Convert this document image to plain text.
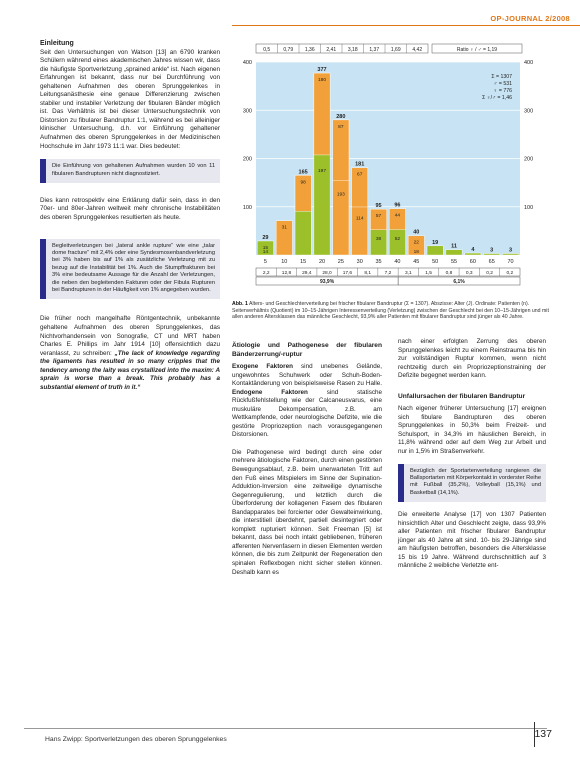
OP-JOURNAL 2/2008

Einleitung

Seit den Untersuchungen von Watson [13] an 6790 kranken Schülern während eines akademischen Jahres wissen wir, dass die häufigste Sportverletzung „sprained ankle“ ist. Nach eigenen Erfahrungen ist bekannt, dass nur bei Durchführung von gehaltenen Aufnahmen des oberen Sprunggelenkes in Leitungsanästhesie eine genaue Differenzierung zwischen stabiler und instabiler Verletzung der fibularen Bänder möglich ist. Das Verhältnis ist bei dieser Untersuchungstechnik von Distorsion zu fibularer Bandruptur 1:1, während es bei alleiniger klinischer Untersuchung, d.h. vor Einführung gehaltener Aufnahmen des oberen Sprunggelenkes in der Medizinischen Hochschule im Jahr 1973 11:1 war. Dies bedeutet:

Die Einführung von gehaltenen Aufnahmen wurden 10 von 11 fibularen Bandrupturen nicht diagnostiziert.

Dies kann retrospektiv eine Erklärung dafür sein, dass in den 70er- und 80er-Jahren weltweit mehr chronische Instabilitäten des oberen Sprunggelenkes resultierten als heute.

Begleitverletzungen bei „lateral ankle rupture“ wie eine „talar dome fracture“ mit 2,4% oder eine Syndesmosenbandverletzung bei 3% haben bis auf 1% als zusätzliche Verletzung mit zu bezug auf die Instabilität bei 1%. Auch die Stumpffrakturen bei 3% eine bedeutsame Aussage für die Anzahl der Verletzungen, die neben den begleitenden Fakturen oder der Fibula Rupturen bei Bandrupturen in der Häufigkeit von 1% angegeben wurden.

Die früher noch mangelhafte Röntgentechnik, unbekannte gehaltene Aufnahmen des oberen Sprunggelenkes, das Nichtvorhandensein von Sonografie, CT und MRT haben Charles E. Phillips im Jahr 1914 [10] offensichtlich dazu veranlasst, zu schreiben: „The lack of knowledge regarding the ligaments has resulted in so many cripples that the tendency among the laity was crystallized into the maxim: A sprain is worse than a break. This probably has a substantial element of truth in it.“

100	100
200	200
300	300
400	400
0,5	0,79 1,36 2,41 3,18 1,37 1,69 4,42	Ratio ♀ / ♂ = 1,19
29
165
377
280
181
95 96
40
19
11
4	3	3
15
14
31
98
180
197
87
193
67
114	57
38
44
52
22
18
Σ = 1307
♂ = 531
♀ = 776
Σ ♀/♂ = 1,46
5	10 15 20 25 30 35 40 45 50 55 60 65 70
2,2	12,8 29,4 28,0 17,6	8,1	7,2	3,1	1,5	0,8	0,3	0,2	0,2
93,9%	6,1%
Abb. 1 Alters- und Geschlechterverteilung bei frischer fibularer Bandruptur (Σ = 1307). Abszisse: Alter (J). Ordinate: Patienten (n). Seitenverhältnis (Quotient) im 10–15-Jährigen Interessenverteilung (Verletzung) zwischen der Geschlecht bei den 10–15-Jährigen und mit allen anderen Altersklassen das männliche Geschlecht, 93,9% aller Patienten mit fibularer Bandruptur sind jünger als 40 Jahre.

Ätiologie und Pathogenese der fibularen Bänderzerrung/-ruptur

Exogene Faktoren sind unebenes Gelände, ungewohntes Schuhwerk oder Schuh-Boden-Kontaktänderung von beispielsweise Rasen zu Halle. Endogene Faktoren sind statische Rückfußfehlstellung wie der Calcaneusvarus, eine muskuläre Dekompensation, z.B. am Wettkampfende, oder neurologische Defizite, wie die gestörte Propriozeption nach vorausgegangenen Distorsionen.

Die Pathogenese wird bedingt durch eine oder mehrere ätiologische Faktoren, durch einen gestörten Bewegungsablauf, z.B. beim unerwarteten Tritt auf den Fuß eines Mitspielers im Sinne der Supination-Adduktion-Inversion eine zeitweilige dynamische Gegenregulierung, und letztlich durch die Überforderung der kollagenen Fasern des fibularen Bandapparates bei forcierter oder Gewalteinwirkung, die interstitiell überdehnt, partiell desintegriert oder komplett rupturiert können. Seit Freeman [5] ist bekannt, dass bei noch intakt gebliebenen, früheren afferenten Nervenfasern in diesen Elementen werden können, die bis zum Zeitpunkt der Regeneration den spinalen Reflexbogen nicht sicher stellen können. Deshalb kann es

nach einer erfolgten Zerrung des oberen Sprunggelenkes leicht zu einem Reinstrauma bis hin zur vollständigen Ruptur kommen, wenn nicht rechtzeitig durch ein Propriozeptionstraining der Defizite begegnet werden kann.

Unfallursachen der fibularen Bandruptur

Nach eigener früherer Untersuchung [17] ereignen sich fibulare Bandrupturen des oberen Sprunggelenkes in 50,3% beim Freizeit- und Schulsport, in 34,3% im häuslichen Bereich, in 11,8% während oder auf dem Weg zur Arbeit und nur in 1,5% im Straßenverkehr.

Bezüglich der Sportartenverteilung rangieren die Ballsportarten mit Körperkontakt in vorderster Reihe mit Fußball (35,2%), Volleyball (15,1%) und Basketball (14,1%).

Die erweiterte Analyse [17] von 1307 Patienten hinsichtlich Alter und Geschlecht zeigte, dass 93,9% aller Patienten mit frischer fibularer Bandruptur jünger als 40 Jahre alt sind. 10- bis 29-Jährige sind am häufigsten betroffen, besonders die Altersklasse 15 bis 19 Jahre. Während durchschnittlich auf 3 männliche 2 weibliche Verletzte ent-

Hans Zwipp: Sportverletzungen des oberen Sprunggelenkes	137
